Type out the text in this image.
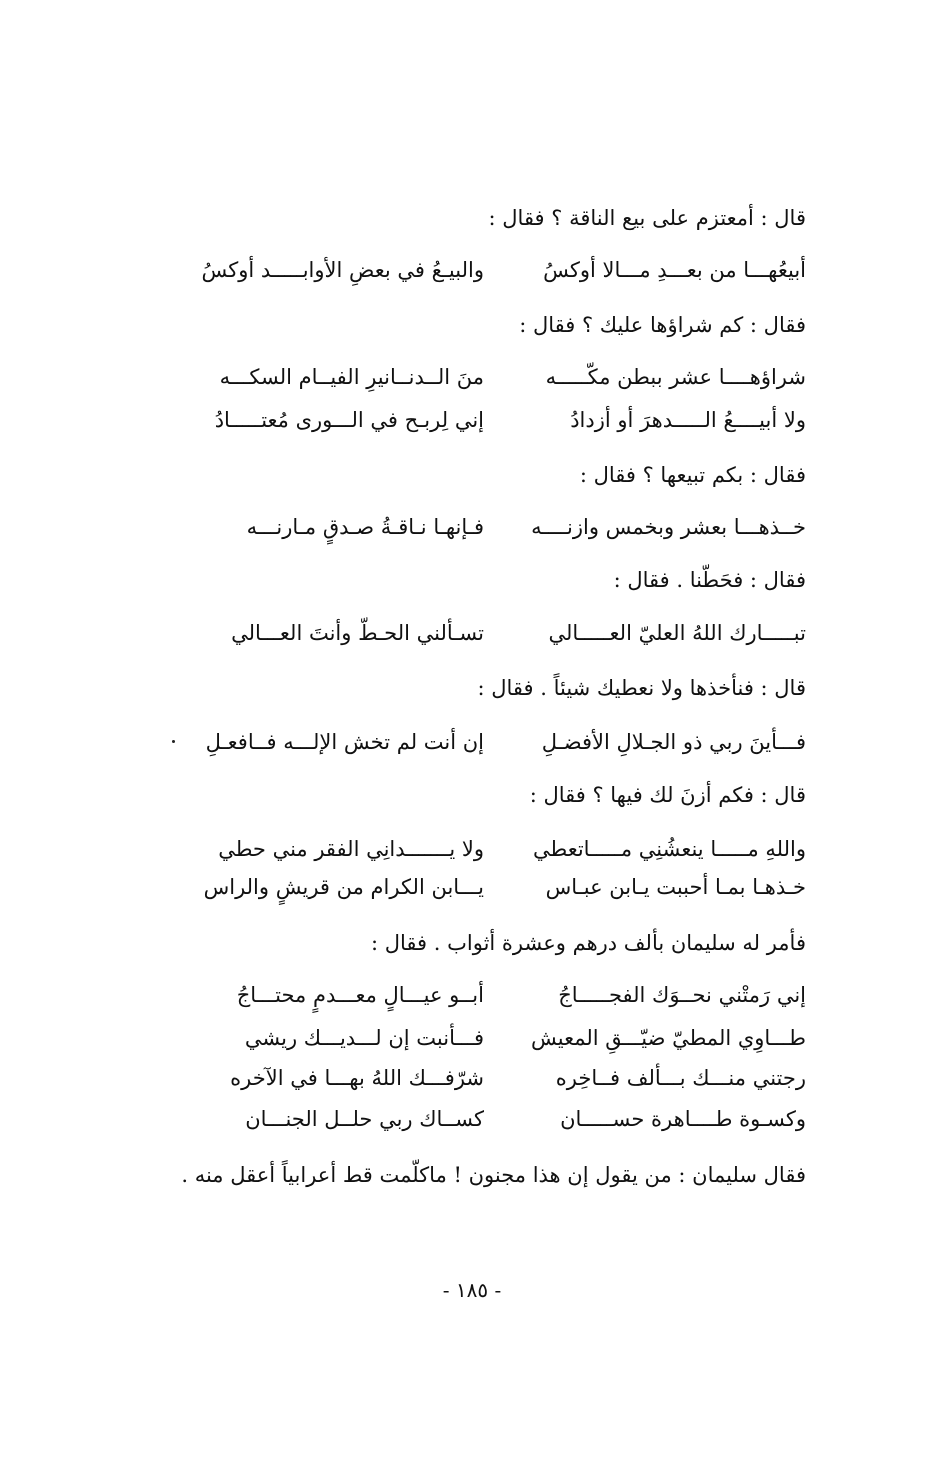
قال : أمعتزم على بيع الناقة ؟ فقال :
أبيعُهـــا من بعـــدِ مـــالا أوكسُ
والبيـعُ في بعضِ الأوابـــــد أوكسُ
فقال : كم شراؤها عليك ؟ فقال :
شراؤهــــا عشر ببطن مكّـــــه
منَ الــدنــانيرِ الفيــام السكـــه
ولا أبيــــعُ الـــــدهرَ أو أزدادُ
إني لِربـح في الـــورى مُعتـــــادُ
فقال : بكم تبيعها ؟ فقال :
خــذهـــا بعشر وبخمس وازنــــه
فـإنهـا نـاقـةُ صـدقٍ مـارنـــه
فقال : فحَطّنا . فقال :
تبـــــارك اللهُ العليّ العـــــالي
تسـألني الحـطّ وأنتَ العـــالي
قال : فنأخذها ولا نعطيك شيئاً . فقال :
فـــأينَ ربي ذو الجـلالِ الأفضـلِ
إن أنت لم تخش الإلـــه فــافعـلِ
قال : فكم أزنَ لك فيها ؟ فقال :
واللهِ مـــــا ينعشُنِي مـــــاتعطي
ولا يـــــــدانِي الفقر مني حطي
خـذهـا بمـا أحببت يـابن عبـاس
يـــابن الكرام من قريشٍ والراس
فأمر له سليمان بألف درهم وعشرة أثواب . فقال :
إني رَمتْني نحــوَك الفجـــــاجُ
أبــو عيـــالٍ معـــدمٍ محتـــاجُ
طـــاوِي المطيّ ضيّـــقِ المعيش
فـــأنبت إن لـــديـــك ريشي
رجتني منـــك بـــألف فــاخِره
شرّفـــك اللهُ بهـــا في الآخره
وكسـوة طــــاهرة حســـــان
كســاك ربي حلــل الجنـــان
فقال سليمان : من يقول إن هذا مجنون ! ماكلّمت قط أعرابياً أعقل منه .
- ١٨٥ -
